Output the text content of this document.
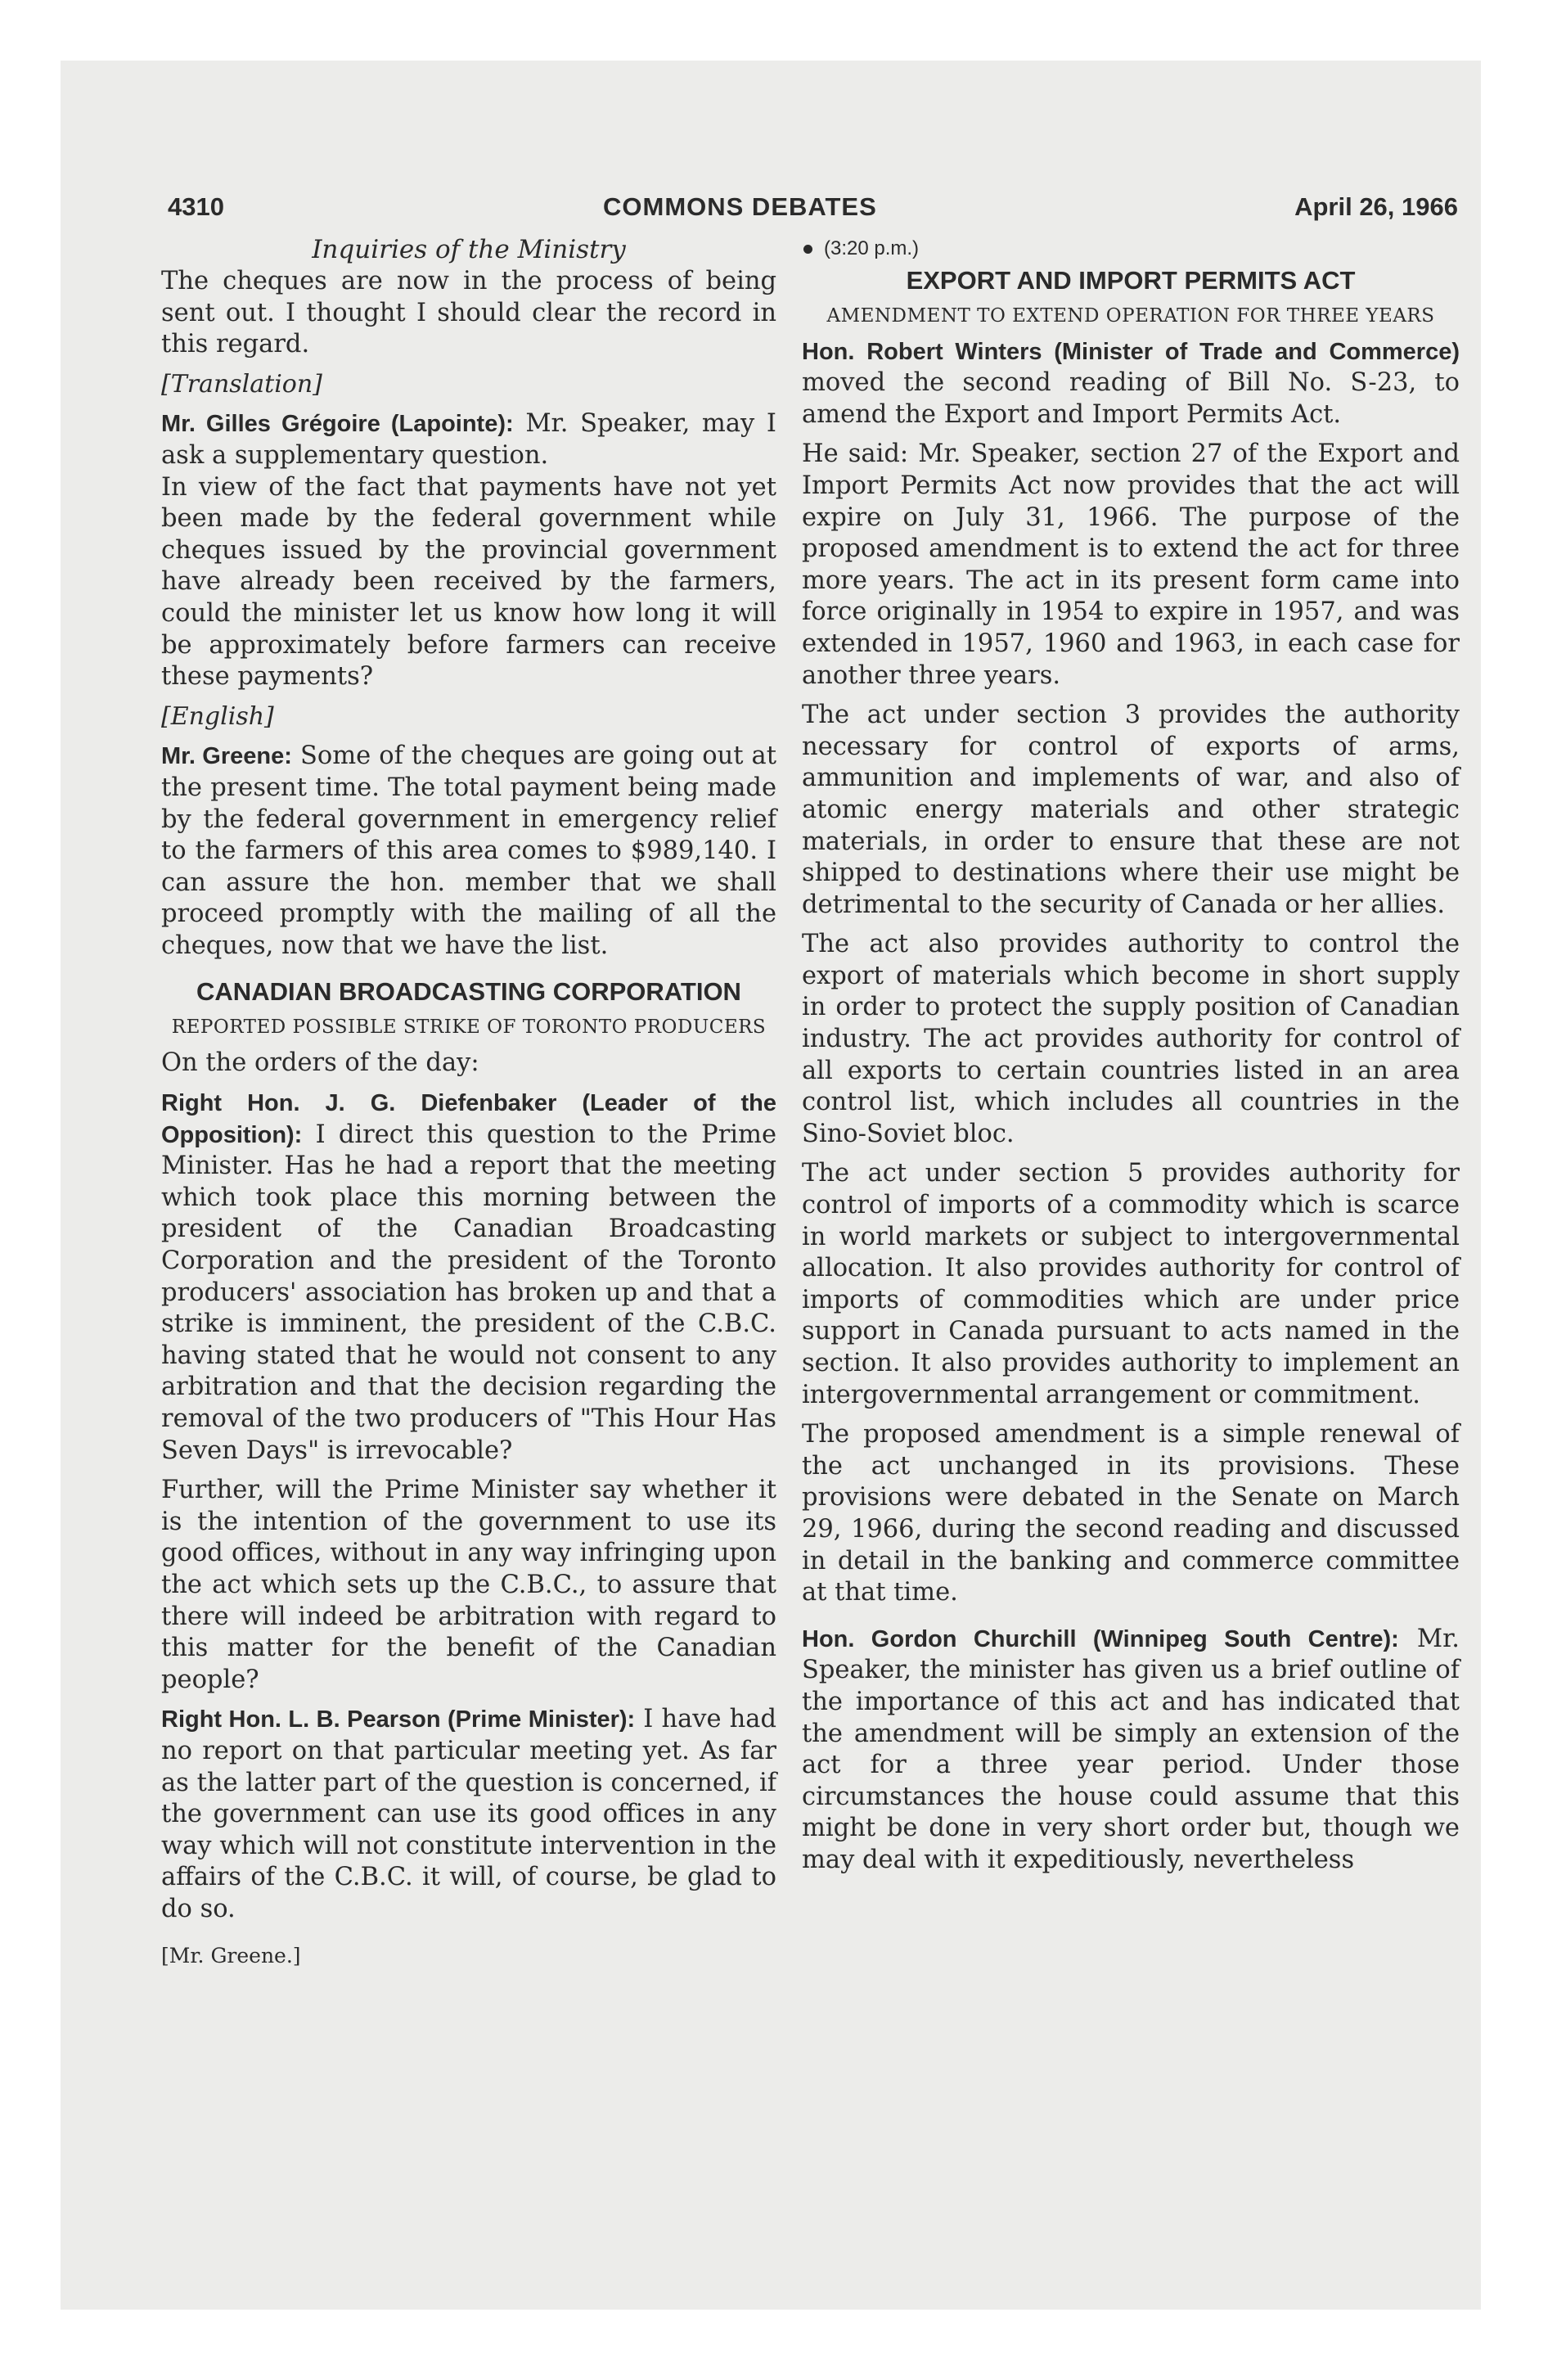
4310	COMMONS DEBATES	April 26, 1966

Inquiries of the Ministry

The cheques are now in the process of being sent out. I thought I should clear the record in this regard.

[Translation]

Mr. Gilles Grégoire (Lapointe): Mr. Speaker, may I ask a supplementary question.

In view of the fact that payments have not yet been made by the federal government while cheques issued by the provincial government have already been received by the farmers, could the minister let us know how long it will be approximately before farmers can receive these payments?

[English]

Mr. Greene: Some of the cheques are going out at the present time. The total payment being made by the federal government in emergency relief to the farmers of this area comes to $989,140. I can assure the hon. member that we shall proceed promptly with the mailing of all the cheques, now that we have the list.

CANADIAN BROADCASTING CORPORATION

REPORTED POSSIBLE STRIKE OF TORONTO PRODUCERS

On the orders of the day:

Right Hon. J. G. Diefenbaker (Leader of the Opposition): I direct this question to the Prime Minister. Has he had a report that the meeting which took place this morning between the president of the Canadian Broadcasting Corporation and the president of the Toronto producers' association has broken up and that a strike is imminent, the president of the C.B.C. having stated that he would not consent to any arbitration and that the decision regarding the removal of the two producers of "This Hour Has Seven Days" is irrevocable?

Further, will the Prime Minister say whether it is the intention of the government to use its good offices, without in any way infringing upon the act which sets up the C.B.C., to assure that there will indeed be arbitration with regard to this matter for the benefit of the Canadian people?

Right Hon. L. B. Pearson (Prime Minister): I have had no report on that particular meeting yet. As far as the latter part of the question is concerned, if the government can use its good offices in any way which will not constitute intervention in the affairs of the C.B.C. it will, of course, be glad to do so.

[Mr. Greene.]

(3:20 p.m.)

EXPORT AND IMPORT PERMITS ACT

AMENDMENT TO EXTEND OPERATION FOR THREE YEARS

Hon. Robert Winters (Minister of Trade and Commerce) moved the second reading of Bill No. S-23, to amend the Export and Import Permits Act.

He said: Mr. Speaker, section 27 of the Export and Import Permits Act now provides that the act will expire on July 31, 1966. The purpose of the proposed amendment is to extend the act for three more years. The act in its present form came into force originally in 1954 to expire in 1957, and was extended in 1957, 1960 and 1963, in each case for another three years.

The act under section 3 provides the authority necessary for control of exports of arms, ammunition and implements of war, and also of atomic energy materials and other strategic materials, in order to ensure that these are not shipped to destinations where their use might be detrimental to the security of Canada or her allies.

The act also provides authority to control the export of materials which become in short supply in order to protect the supply position of Canadian industry. The act provides authority for control of all exports to certain countries listed in an area control list, which includes all countries in the Sino-Soviet bloc.

The act under section 5 provides authority for control of imports of a commodity which is scarce in world markets or subject to intergovernmental allocation. It also provides authority for control of imports of commodities which are under price support in Canada pursuant to acts named in the section. It also provides authority to implement an intergovernmental arrangement or commitment.

The proposed amendment is a simple renewal of the act unchanged in its provisions. These provisions were debated in the Senate on March 29, 1966, during the second reading and discussed in detail in the banking and commerce committee at that time.

Hon. Gordon Churchill (Winnipeg South Centre): Mr. Speaker, the minister has given us a brief outline of the importance of this act and has indicated that the amendment will be simply an extension of the act for a three year period. Under those circumstances the house could assume that this might be done in very short order but, though we may deal with it expeditiously, nevertheless
